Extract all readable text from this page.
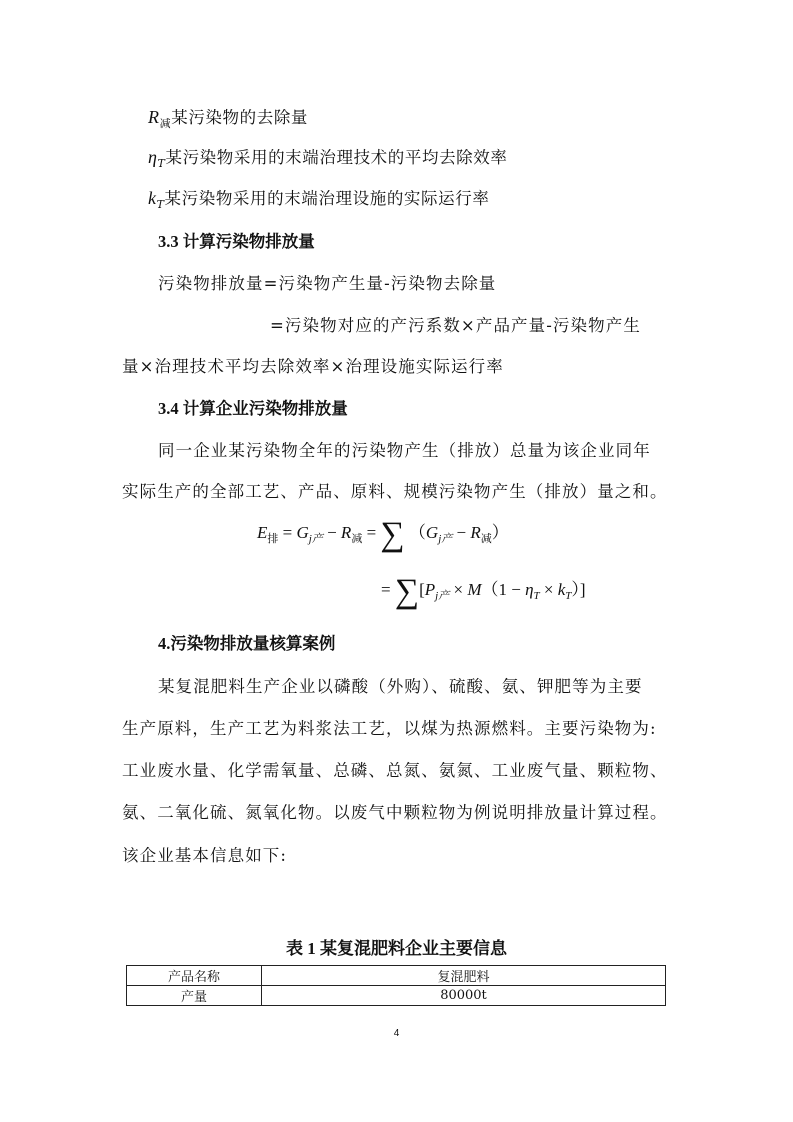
$R_减$某污染物的去除量
$\eta_T$某污染物采用的末端治理技术的平均去除效率
$k_T$某污染物采用的末端治理设施的实际运行率
3.3 计算污染物排放量
污染物排放量=污染物产生量-污染物去除量
=污染物对应的产污系数×产品产量-污染物产生
量×治理技术平均去除效率×治理设施实际运行率
3.4 计算企业污染物排放量
同一企业某污染物全年的污染物产生（排放）总量为该企业同年
实际生产的全部工艺、产品、原料、规模污染物产生（排放）量之和。
$E_排 = G_{j产} - R_减$ = ∑ $(G_{j产} - R_减)$
= $\sum[P_{j产} \times M(1 - \eta_T \times k_T)]$
4.污染物排放量核算案例
某复混肥料生产企业以磷酸（外购）、硫酸、氨、钾肥等为主要
生产原料，生产工艺为料浆法工艺，以煤为热源燃料。主要污染物为:
工业废水量、化学需氧量、总磷、总氮、氨氮、工业废气量、颗粒物、
氨、二氧化硫、氮氧化物。以废气中颗粒物为例说明排放量计算过程。
该企业基本信息如下:
表 1 某复混肥料企业主要信息
产品名称	复混肥料
产量	80000t
4
